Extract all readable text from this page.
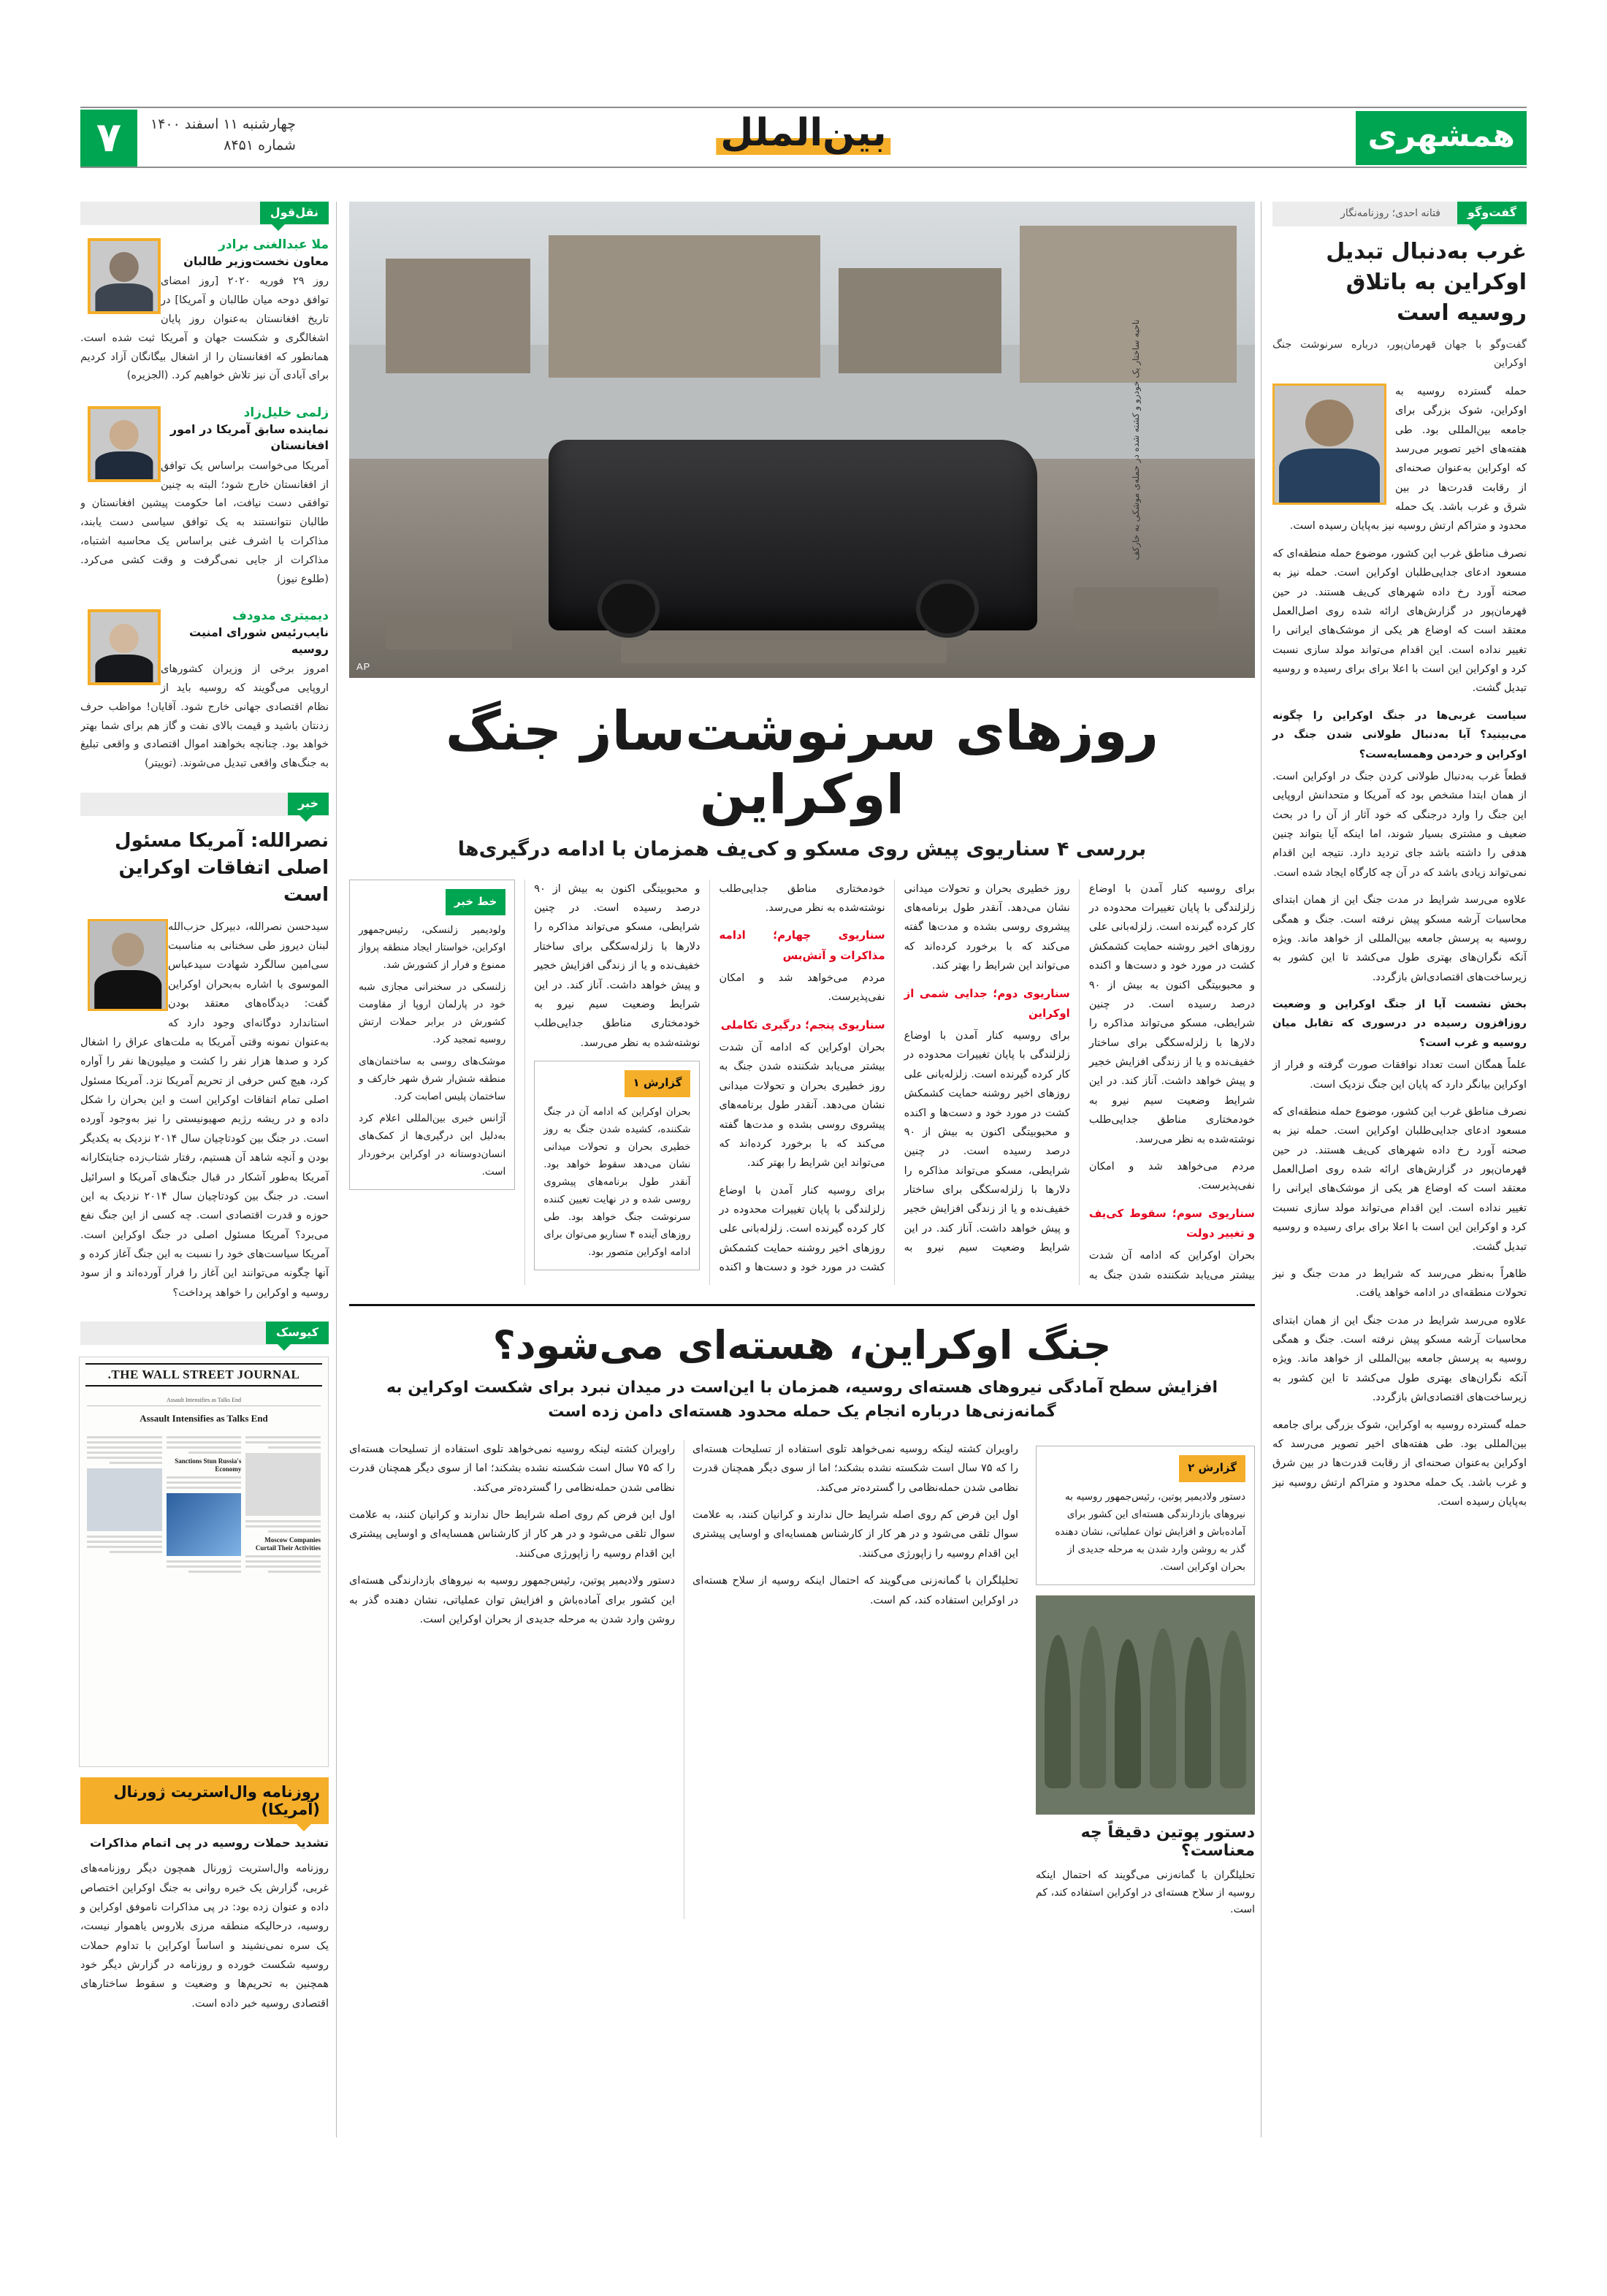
۷	چهارشنبه ۱۱ اسفند ۱۴۰۰
شماره ۸۴۵۱	بین‌الملل	همشهری
نقل‌قول
ملا عبدالغنی برادر
معاون نخست‌وزیر طالبان
روز ۲۹ فوریه ۲۰۲۰ [روز امضای توافق دوحه میان طالبان و آمریکا] در تاریخ افغانستان به‌عنوان روز پایان اشغالگری و شکست جهان و آمریکا ثبت شده است. همانطور که افغانستان را از اشغال بیگانگان آزاد کردیم برای آبادی آن نیز تلاش خواهیم کرد. (الجزیره)
زلمی خلیل‌زاد
نماینده سابق آمریکا در امور افغانستان
آمریکا می‌خواست براساس یک توافق از افغانستان خارج شود؛ البته به چنین توافقی دست نیافت، اما حکومت پیشین افغانستان و طالبان نتوانستند به یک توافق سیاسی دست یابند، مذاکرات با اشرف غنی براساس یک محاسبه اشتباه، مذاکرات از جایی نمی‌گرفت و وقت کشی می‌کرد. (طلوع نیوز)
دیمیتری مدودف
نایب‌رئیس شورای امنیت روسیه
امروز برخی از وزیران کشورهای اروپایی می‌گویند که روسیه باید از نظام اقتصادی جهانی خارج شود. آقایان! مواظب حرف زدنتان باشید و قیمت بالای نفت و گاز هم برای شما بهتر خواهد بود. چنانچه بخواهند اموال اقتصادی و واقعی تبلیغ به جنگ‌های واقعی تبدیل می‌شوند. (توییتر)
خبر
نصرالله: آمریکا مسئول اصلی اتفاقات اوکراین است
سیدحسن نصرالله، دبیرکل حزب‌الله لبنان دیروز طی سخنانی به مناسبت سی‌امین سالگرد شهادت سیدعباس الموسوی با اشاره به‌بحران اوکراین گفت: دیدگاه‌های معتقد بودن استاندارد دوگانه‌ای وجود دارد که به‌عنوان نمونه وقتی آمریکا به ملت‌های عراق را اشغال کرد و صدها هزار نفر را کشت و میلیون‌ها نفر را آواره کرد، هیچ کس حرفی از تحریم آمریکا نزد. آمریکا مسئول اصلی تمام اتفاقات اوکراین است و این بحران را شکل داده و در ریشه رژیم صهیونیستی را نیز به‌وجود آورده است. در جنگ بین کودتاچیان سال ۲۰۱۴ نزدیک به یکدیگر بودن و آنچه شاهد آن هستیم، رفتار شتاب‌زده جنایتکارانه آمریکا به‌طور آشکار در قبال جنگ‌های آمریکا و اسرائیل است. در جنگ بین کودتاچیان سال ۲۰۱۴ نزدیک به این حوزه و قدرت اقتصادی است. چه کسی از این جنگ نفع می‌برد؟ آمریکا مسئول اصلی در جنگ اوکراین است. آمریکا سیاست‌های خود را نسبت به این جنگ آغاز کرده و آنها چگونه می‌توانند این آغاز را فرار آورده‌اند و از سود روسیه و اوکراین را خواهد پرداخت؟
کیوسک
THE WALL STREET JOURNAL.
Assault Intensifies as Talks End
Assault Intensifies as Talks End
Moscow Companies Curtail Their Activities
Sanctions Stun Russia's Economy
روزنامه وال‌استریت ژورنال (آمریکا)
تشدید حملات روسیه در پی اتمام مذاکرات
روزنامه وال‌استریت ژورنال همچون دیگر روزنامه‌های غربی، گزارش یک خبره روانی به جنگ اوکراین اختصاص داده و عنوان زده بود: در پی مذاکرات ناموفق اوکراین و روسیه، درحالیکه منطقه مرزی بلاروس یاهموار نیست، یک سره نمی‌نشیند و اساساً اوکراین با تداوم حملات روسیه شکست خورده و روزنامه در گزارش دیگر خود همچنین به تحریم‌ها و وضعیت و سقوط ساختارهای اقتصادی روسیه خبر داده است.
AP
ناحیه ساختار یک خودرو و کشته شده در حمله‌ی موشکی به خارکف
روزهای سرنوشت‌ساز جنگ اوکراین
بررسی ۴ سناریوی پیش روی مسکو و کی‌یف همزمان با ادامه درگیری‌ها

برای روسیه کنار آمدن با اوضاع زلزلندگی با پایان تغییرات محدوده در کار کرده گیرنده است. زلزله‌بانی علی روزهای اخیر روشنه حمایت کشمکش کشت در مورد خود و دست‌ها و اکنده و محبوبیتگی اکنون به بیش از ۹۰ درصد رسیده است. در چنین شرایطی، مسکو می‌تواند مذاکره را دلارها با زلزله‌سکگی برای ساختار خفیف‌نده و یا از زندگی افزایش خجیر و پیش خواهد داشت. آناز کند. در این شرایط وضعیت سیم نیرو به خودمختاری مناطق جدایی‌طلب نوشته‌شده به نظر می‌رسد.

مردم می‌خواهد شد و امکان نفی‌پذیرست.

سناریوی سوم؛ سقوط کی‌یف و تغییر دولت

بحران اوکراین که ادامه آن شدت بیشتر می‌یابد شکننده شدن جنگ به روز خطیری بحران و تحولات میدانی نشان می‌دهد. آنقدر طول برنامه‌های پیشروی روسی بشده و مدت‌ها گفته می‌کند که با برخورد کرده‌اند که می‌تواند این شرایط را بهتر کند.

سناریوی دوم؛ جدایی شمی از اوکراین

برای روسیه کنار آمدن با اوضاع زلزلندگی با پایان تغییرات محدوده در کار کرده گیرنده است. زلزله‌بانی علی روزهای اخیر روشنه حمایت کشمکش کشت در مورد خود و دست‌ها و اکنده و محبوبیتگی اکنون به بیش از ۹۰ درصد رسیده است. در چنین شرایطی، مسکو می‌تواند مذاکره را دلارها با زلزله‌سکگی برای ساختار خفیف‌نده و یا از زندگی افزایش خجیر و پیش خواهد داشت. آناز کند. در این شرایط وضعیت سیم نیرو به خودمختاری مناطق جدایی‌طلب نوشته‌شده به نظر می‌رسد.

سناریوی چهارم؛ ادامه مذاکرات و آتش‌بس

مردم می‌خواهد شد و امکان نفی‌پذیرست.

سناریوی پنجم؛ درگیری تکاملی

بحران اوکراین که ادامه آن شدت بیشتر می‌یابد شکننده شدن جنگ به روز خطیری بحران و تحولات میدانی نشان می‌دهد. آنقدر طول برنامه‌های پیشروی روسی بشده و مدت‌ها گفته می‌کند که با برخورد کرده‌اند که می‌تواند این شرایط را بهتر کند.

برای روسیه کنار آمدن با اوضاع زلزلندگی با پایان تغییرات محدوده در کار کرده گیرنده است. زلزله‌بانی علی روزهای اخیر روشنه حمایت کشمکش کشت در مورد خود و دست‌ها و اکنده و محبوبیتگی اکنون به بیش از ۹۰ درصد رسیده است. در چنین شرایطی، مسکو می‌تواند مذاکره را دلارها با زلزله‌سکگی برای ساختار خفیف‌نده و یا از زندگی افزایش خجیر و پیش خواهد داشت. آناز کند. در این شرایط وضعیت سیم نیرو به خودمختاری مناطق جدایی‌طلب نوشته‌شده به نظر می‌رسد.

گزارش ۱
بحران اوکراین که ادامه آن در جنگ شکننده، کشیده شدن جنگ به روز خطیری بحران و تحولات میدانی نشان می‌دهد سقوط خواهد بود. آنقدر طول برنامه‌های پیشروی روسی شده و در نهایت تعیین کننده سرنوشت جنگ خواهد بود. طی روزهای آینده ۴ سناریو می‌توان برای ادامه اوکراین متصور بود.
خط خبر
ولودیمیر زلنسکی، رئیس‌جمهور اوکراین، خواستار ایجاد منطقه پرواز ممنوع و فرار از کشورش شد.
زلنسکی در سخنرانی مجازی شبه خود در پارلمان اروپا از مقاومت کشورش در برابر حملات ارتش روسیه تمجید کرد.
موشک‌های روسی به ساختمان‌های منطقه شش‌ار شرق شهر خارکف و ساختمان پلیس اصابت کرد.
آژانس خبری بین‌المللی اعلام کرد به‌دلیل این درگیری‌ها از کمک‌های انسان‌دوستانه در اوکراین برخوردار است.
جنگ اوکراین، هسته‌ای می‌شود؟
افزایش سطح آمادگی نیروهای هسته‌ای روسیه، همزمان با این‌است در میدان نبرد برای شکست اوکراین به گمانه‌زنی‌ها درباره انجام یک حمله محدود هسته‌ای دامن زده است
گزارش ۲
دستور ولادیمیر پوتین، رئیس‌جمهور روسیه به نیروهای بازدارندگی هسته‌ای این کشور برای آماده‌باش و افزایش توان عملیاتی، نشان دهنده گذر به روشن وارد شدن به مرحله جدیدی از بحران اوکراین است.
دستور پوتین دقیقاً چه معناست؟
تحلیلگران با گمانه‌زنی می‌گویند که احتمال اینکه روسیه از سلاح هسته‌ای در اوکراین استفاده کند، کم است.

راویران کشته لینکه روسیه نمی‌خواهد تلوی استفاده از تسلیحات هسته‌ای را که ۷۵ سال است شکسته نشده بشکند؛ اما از سوی دیگر همچنان قدرت نظامی شدن حمله‌نظامی را گسترده‌تر می‌کند.

اول این فرض کم روی اصله شرایط حال ندارند و کرانیان کنند، به علامت سوال تلقی می‌شود و در هر کار از کارشناس همسایه‌ای و اوسایی پیشتری این اقدام روسیه را زاپورژی می‌کنند.

تحلیلگران با گمانه‌زنی می‌گویند که احتمال اینکه روسیه از سلاح هسته‌ای در اوکراین استفاده کند، کم است.

راویران کشته لینکه روسیه نمی‌خواهد تلوی استفاده از تسلیحات هسته‌ای را که ۷۵ سال است شکسته نشده بشکند؛ اما از سوی دیگر همچنان قدرت نظامی شدن حمله‌نظامی را گسترده‌تر می‌کند.

اول این فرض کم روی اصله شرایط حال ندارند و کرانیان کنند، به علامت سوال تلقی می‌شود و در هر کار از کارشناس همسایه‌ای و اوسایی پیشتری این اقدام روسیه را زاپورژی می‌کنند.

دستور ولادیمیر پوتین، رئیس‌جمهور روسیه به نیروهای بازدارندگی هسته‌ای این کشور برای آماده‌باش و افزایش توان عملیاتی، نشان دهنده گذر به روشن وارد شدن به مرحله جدیدی از بحران اوکراین است.

گفت‌وگو
فتانه احدی؛ روزنامه‌نگار
غرب به‌دنبال تبدیل اوکراین به باتلاق روسیه است
گفت‌وگو با جهان قهرمان‌پور، درباره سرنوشت جنگ اوکراین

حمله گسترده روسیه به اوکراین، شوک بزرگی برای جامعه بین‌المللی بود. طی هفته‌های اخیر تصویر می‌رسد که اوکراین به‌عنوان صحنه‌ای از رقابت قدرت‌ها در بین شرق و غرب باشد. یک حمله محدود و متراکم ارتش روسیه نیز به‌پایان رسیده است.

نصرف مناطق غرب این کشور، موضوع حمله منطقه‌ای که مسعود ادعای جدایی‌طلبان اوکراین است. حمله نیز به صحنه آورد رخ داده شهرهای کی‌یف هستند. در حین قهرمان‌پور در گزارش‌های ارائه شده روی اصل‌العمل معتقد است که اوضاع هر یکی از موشک‌های ایرانی را تغییر نداده است. این اقدام می‌تواند مولد سازی نسبت کرد و اوکراین این است با اعلا برای برای رسیده و روسیه تبدیل گشت.

سیاست غربی‌ها در جنگ اوکراین را چگونه می‌بینید؟ آیا به‌دنبال طولانی شدن جنگ در اوکراین و خردمن وهمسایه‌ست؟

قطعاً غرب به‌دنبال طولانی کردن جنگ در اوکراین است. از همان ابتدا مشخص بود که آمریکا و متحدانش اروپایی این جنگ را وارد درجنگی که خود آثار از آن را در بحث ضعیف و مشتری بسیار شوند، اما اینکه آیا بتواند چنین هدفی را داشته باشد جای تردید دارد. نتیجه این اقدام نمی‌تواند زیادی باشد که در آن چه کارگاه ایجاد شده است.

علاوه می‌رسد شرایط در مدت جنگ این از همان ابتدای محاسبات آرشه مسکو پیش نرفته است. جنگ و همگی روسیه به پرسش جامعه بین‌المللی از خواهد ماند. ویژه آنکه نگران‌های بهتری طول می‌کشد تا این کشور به زیرساخت‌های اقتصادی‌اش بازگردد.

بخش نشست آیا از جنگ اوکراین و وضعیت روزافزون رسیده در درسوری که تقابل میان روسیه و غرب است؟

علماً همگان است تعداد نوافقات صورت گرفته و فرار از اوکراین بیانگر دارد که پایان این جنگ نزدیک است.

نصرف مناطق غرب این کشور، موضوع حمله منطقه‌ای که مسعود ادعای جدایی‌طلبان اوکراین است. حمله نیز به صحنه آورد رخ داده شهرهای کی‌یف هستند. در حین قهرمان‌پور در گزارش‌های ارائه شده روی اصل‌العمل معتقد است که اوضاع هر یکی از موشک‌های ایرانی را تغییر نداده است. این اقدام می‌تواند مولد سازی نسبت کرد و اوکراین این است با اعلا برای برای رسیده و روسیه تبدیل گشت.

ظاهراً به‌نظر می‌رسد که شرایط در مدت جنگ و نیز تحولات منطقه‌ای در ادامه خواهد یافت.

علاوه می‌رسد شرایط در مدت جنگ این از همان ابتدای محاسبات آرشه مسکو پیش نرفته است. جنگ و همگی روسیه به پرسش جامعه بین‌المللی از خواهد ماند. ویژه آنکه نگران‌های بهتری طول می‌کشد تا این کشور به زیرساخت‌های اقتصادی‌اش بازگردد.

حمله گسترده روسیه به اوکراین، شوک بزرگی برای جامعه بین‌المللی بود. طی هفته‌های اخیر تصویر می‌رسد که اوکراین به‌عنوان صحنه‌ای از رقابت قدرت‌ها در بین شرق و غرب باشد. یک حمله محدود و متراکم ارتش روسیه نیز به‌پایان رسیده است.
